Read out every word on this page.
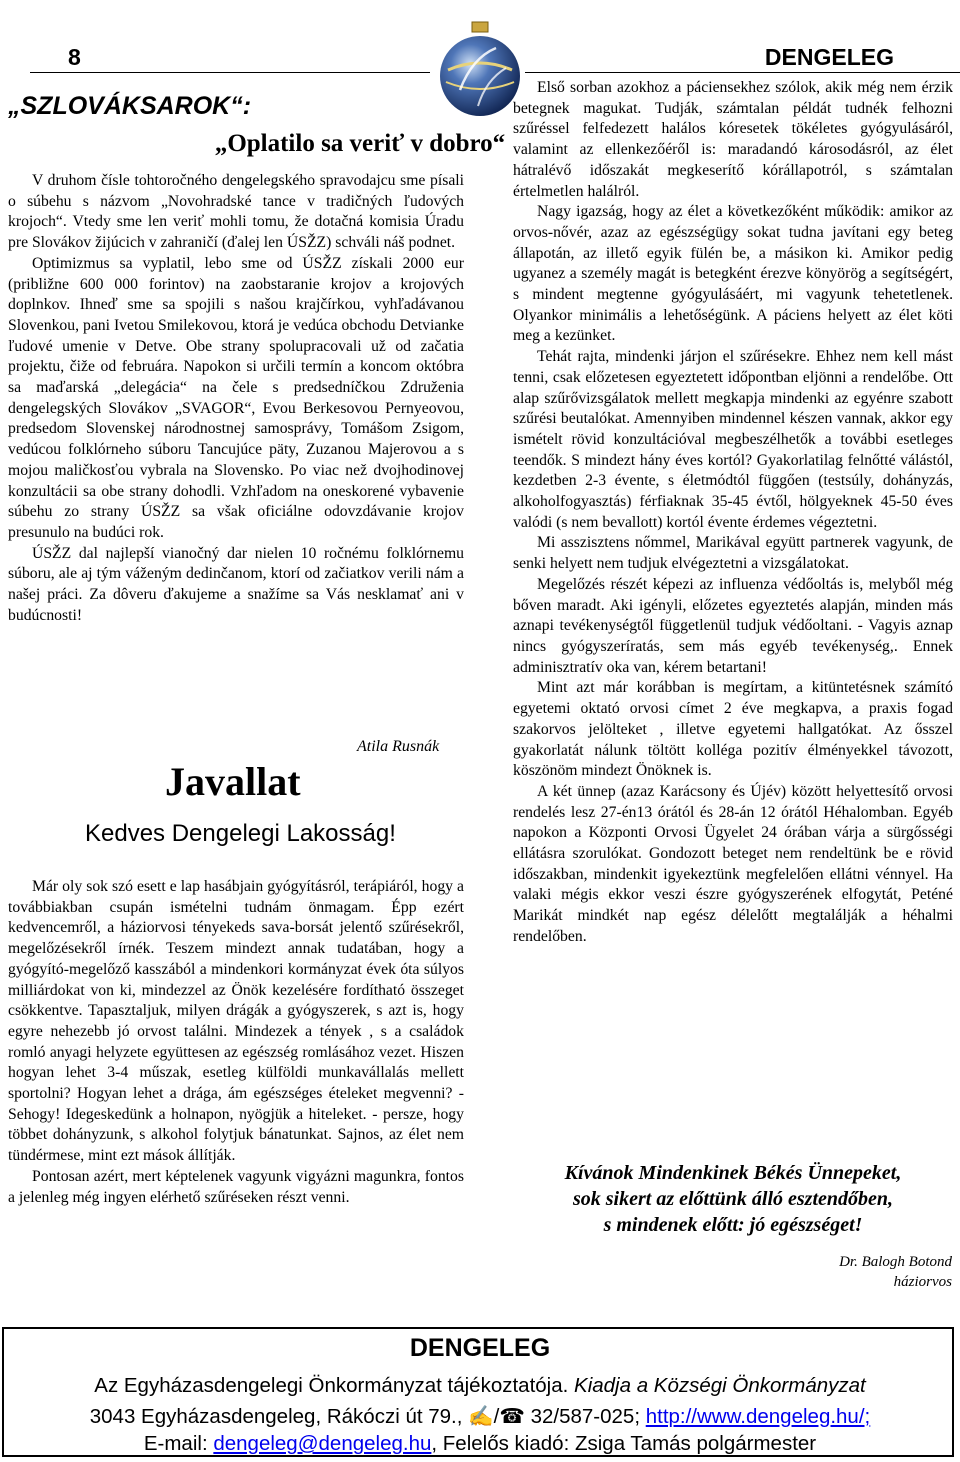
8	DENGELEG
„SZLOVÁKSAROK“:
„Oplatilo sa veriť v dobro“

V druhom čísle tohtoročného dengelegského spravodajcu sme písali o súbehu s názvom „Novohradské tance v tradičných ľudových krojoch“. Vtedy sme len veriť mohli tomu, že dotačná komisia Úradu pre Slovákov žijúcich v zahraničí (ďalej len ÚSŽZ) schváli náš podnet.

Optimizmus sa vyplatil, lebo sme od ÚSŽZ získali 2000 eur (približne 600 000 forintov) na zaobstaranie krojov a krojových doplnkov. Ihneď sme sa spojili s našou krajčírkou, vyhľadávanou Slovenkou, pani Ivetou Smilekovou, ktorá je vedúca obchodu Detvianke ľudové umenie v Detve. Obe strany spolupracovali už od začatia projektu, čiže od februára. Napokon si určili termín a koncom októbra sa maďarská „delegácia“ na čele s predsedníčkou Združenia dengelegských Slovákov „SVAGOR“, Evou Berkesovou Pernyeovou, predsedom Slovenskej národnostnej samosprávy, Tomášom Zsigom, vedúcou folklórneho súboru Tancujúce päty, Zuzanou Majerovou a s mojou maličkosťou vybrala na Slovensko. Po viac než dvojhodinovej konzultácii sa obe strany dohodli. Vzhľadom na oneskorené vybavenie súbehu zo strany ÚSŽZ sa však oficiálne odovzdávanie krojov presunulo na budúci rok.

ÚSŽZ dal najlepší vianočný dar nielen 10 ročnému folklórnemu súboru, ale aj tým váženým dedinčanom, ktorí od začiatkov verili nám a našej práci. Za dôveru ďakujeme a snažíme sa Vás nesklamať ani v budúcnosti!

Atila Rusnák
Javallat
Kedves Dengelegi Lakosság!

Már oly sok szó esett e lap hasábjain gyógyításról, terápiáról, hogy a továbbiakban csupán ismételni tudnám önmagam. Épp ezért kedvencemről, a háziorvosi tényekeds sava-borsát jelentő szűrésekről, megelőzésekről írnék. Teszem mindezt annak tudatában, hogy a gyógyító-megelőző kasszából a mindenkori kormányzat évek óta súlyos milliárdokat von ki, mindezzel az Önök kezelésére fordítható összeget csökkentve. Tapasztaljuk, milyen drágák a gyógyszerek, s azt is, hogy egyre nehezebb jó orvost találni. Mindezek a tények , s a családok romló anyagi helyzete együttesen az egészség romlásához vezet. Hiszen hogyan lehet 3-4 műszak, esetleg külföldi munkavállalás mellett sportolni? Hogyan lehet a drága, ám egészséges ételeket megvenni? - Sehogy! Idegeskedünk a holnapon, nyögjük a hiteleket. - persze, hogy többet dohányzunk, s alkohol folytjuk bánatunkat. Sajnos, az élet nem tündérmese, mint ezt mások állítják.

Pontosan azért, mert képtelenek vagyunk vigyázni magunkra, fontos a jelenleg még ingyen elérhető szűréseken részt venni.

Első sorban azokhoz a páciensekhez szólok, akik még nem érzik betegnek magukat. Tudják, számtalan példát tudnék felhozni szűréssel felfedezett halálos kóresetek tökéletes gyógyulásáról, valamint az ellenkezőéről is: maradandó károsodásról, az élet hátralévő időszakát megkeserítő kórállapotról, s számtalan értelmetlen halálról.

Nagy igazság, hogy az élet a következőként működik: amikor az orvos-nővér, azaz az egészségügy sokat tudna javítani egy beteg állapotán, az illető egyik fülén be, a másikon ki. Amikor pedig ugyanez a személy magát is betegként érezve könyörög a segítségért, s mindent megtenne gyógyulásáért, mi vagyunk tehetetlenek. Olyankor minimális a lehetőségünk. A páciens helyett az élet köti meg a kezünket.

Tehát rajta, mindenki járjon el szűrésekre. Ehhez nem kell mást tenni, csak előzetesen egyeztetett időpontban eljönni a rendelőbe. Ott alap szűrővizsgálatok mellett megkapja mindenki az egyénre szabott szűrési beutalókat. Amennyiben mindennel készen vannak, akkor egy ismételt rövid konzultációval megbeszélhetők a további esetleges teendők. S mindezt hány éves kortól? Gyakorlatilag felnőtté válástól, kezdetben 2-3 évente, s életmódtól függően (testsúly, dohányzás, alkoholfogyasztás) férfiaknak 35-45 évtől, hölgyeknek 45-50 éves valódi (s nem bevallott) kortól évente érdemes végeztetni.

Mi asszisztens nőmmel, Marikával együtt partnerek vagyunk, de senki helyett nem tudjuk elvégeztetni a vizsgálatokat.

Megelőzés részét képezi az influenza védőoltás is, melyből még bőven maradt. Aki igényli, előzetes egyeztetés alapján, minden más aznapi tevékenységtől függetlenül tudjuk védőoltani. - Vagyis aznap nincs gyógyszeríratás, sem más egyéb tevékenység,. Ennek adminisztratív oka van, kérem betartani!

Mint azt már korábban is megírtam, a kitüntetésnek számító egyetemi oktató orvosi címet 2 éve megkapva, a praxis fogad szakorvos jelölteket , illetve egyetemi hallgatókat. Az ősszel gyakorlatát nálunk töltött kollégа pozitív élményekkel távozott, köszönöm mindezt Önöknek is.

A két ünnep (azaz Karácsony és Újév) között helyettesítő orvosi rendelés lesz 27-én13 órától és 28-án 12 órától Héhalomban. Egyéb napokon a Központi Orvosi Ügyelet 24 órában várja a sürgősségi ellátásra szorulókat. Gondozott beteget nem rendeltünk be e rövid időszakban, mindenkit igyekeztünk megfelelően ellátni vénnyel. Ha valaki mégis ekkor veszi észre gyógyszerének elfogytát, Peténé Marikát mindkét nap egész délelőtt megtalálják a héhalmi rendelőben.

Kívánok Mindenkinek Békés Ünnepeket,
sok sikert az előttünk álló esztendőben,
s mindenek előtt: jó egészséget!
Dr. Balogh Botond
háziorvos
DENGELEG
Az Egyházasdengelegi Önkormányzat tájékoztatója. Kiadja a Községi Önkormányzat
3043 Egyházasdengeleg, Rákóczi út 79., ✍/☎ 32/587-025; http://www.dengeleg.hu/;
E-mail: dengeleg@dengeleg.hu, Felelős kiadó: Zsiga Tamás polgármester
